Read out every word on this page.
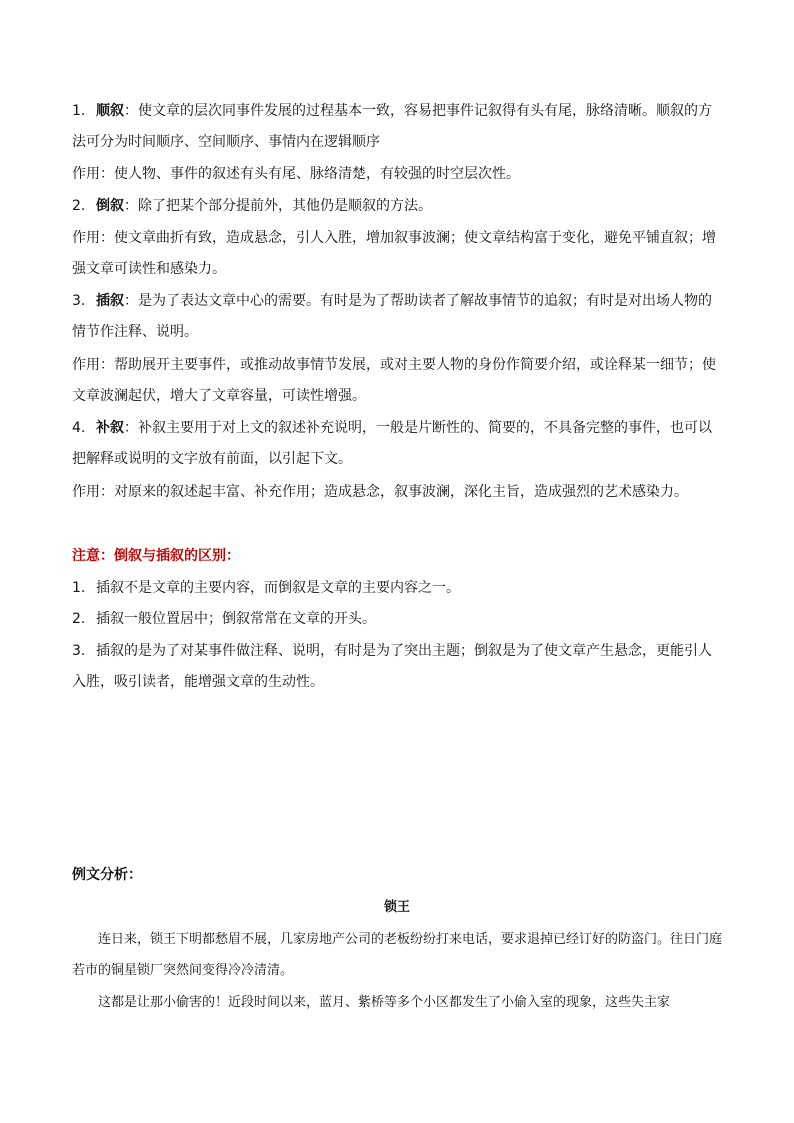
1. 顺叙：使文章的层次同事件发展的过程基本一致，容易把事件记叙得有头有尾，脉络清晰。顺叙的方法可分为时间顺序、空间顺序、事情内在逻辑顺序

作用：使人物、事件的叙述有头有尾、脉络清楚，有较强的时空层次性。

2. 倒叙：除了把某个部分提前外，其他仍是顺叙的方法。

作用：使文章曲折有致，造成悬念，引人入胜，增加叙事波澜；使文章结构富于变化，避免平铺直叙；增强文章可读性和感染力。

3. 插叙：是为了表达文章中心的需要。有时是为了帮助读者了解故事情节的追叙；有时是对出场人物的情节作注释、说明。

作用：帮助展开主要事件，或推动故事情节发展，或对主要人物的身份作简要介绍，或诠释某一细节；使文章波澜起伏，增大了文章容量，可读性增强。

4. 补叙：补叙主要用于对上文的叙述补充说明，一般是片断性的、简要的，不具备完整的事件，也可以把解释或说明的文字放有前面，以引起下文。

作用：对原来的叙述起丰富、补充作用；造成悬念，叙事波澜，深化主旨，造成强烈的艺术感染力。

注意：倒叙与插叙的区别：

1. 插叙不是文章的主要内容，而倒叙是文章的主要内容之一。

2. 插叙一般位置居中；倒叙常常在文章的开头。

3. 插叙的是为了对某事件做注释、说明，有时是为了突出主题；倒叙是为了使文章产生悬念，更能引人入胜，吸引读者，能增强文章的生动性。

例文分析：

锁王

连日来，锁王下明都愁眉不展，几家房地产公司的老板纷纷打来电话，要求退掉已经订好的防盗门。往日门庭若市的铜星锁厂突然间变得冷冷清清。

这都是让那小偷害的！近段时间以来，蓝月、紫桥等多个小区都发生了小偷入室的现象，这些失主家
